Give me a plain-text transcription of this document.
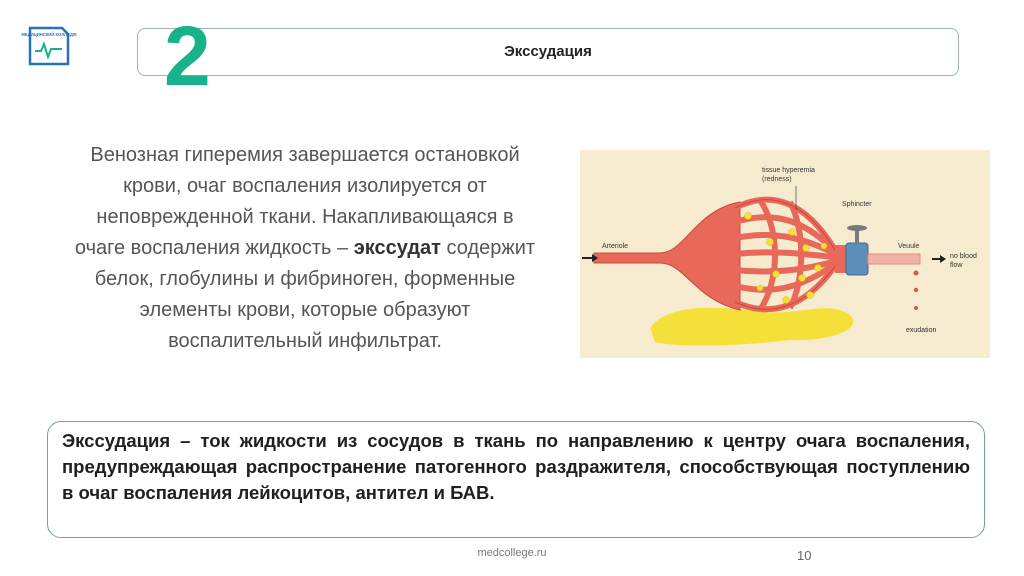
МЕДИЦИНСКИЙ КОЛЛЕДЖ
Экссудация
2
Венозная гиперемия завершается остановкой крови, очаг воспаления изолируется от неповрежденной ткани. Накапливающаяся в очаге воспаления жидкость – экссудат содержит белок, глобулины и фибриноген, форменные элементы крови, которые образуют воспалительный инфильтрат.
Arteriole
tissue hyperemia
(redness)
Sphincter
Veuule
no blood
flow
exudation

Экссудация – ток жидкости из сосудов в ткань по направлению к центру очага воспаления, предупреждающая распространение патогенного раздражителя, способствующая поступлению в очаг воспаления лейкоцитов, антител и БАВ.

medcollege.ru	10
